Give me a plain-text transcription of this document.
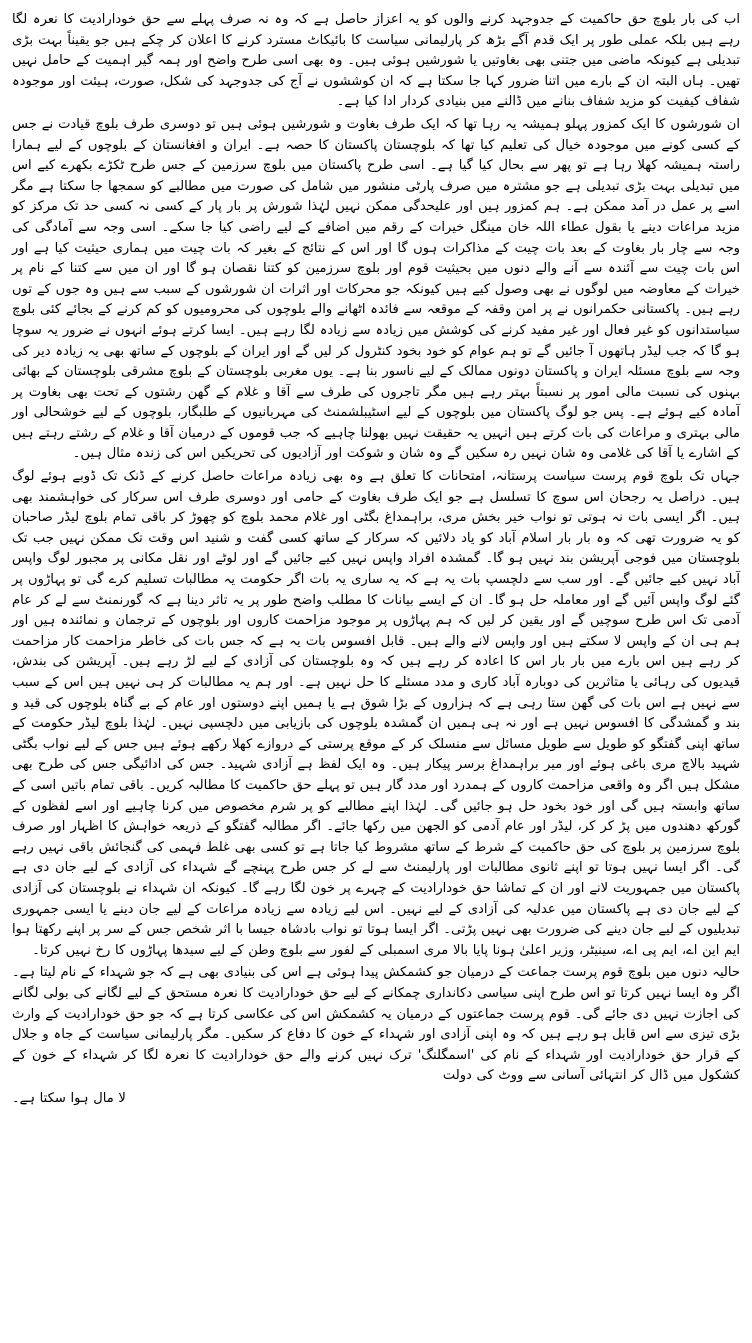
اب کی بار بلوچ حق حاکمیت کے جدوجہد کرنے والوں کو یہ اعزاز حاصل ہے کہ وہ نہ صرف پہلے سے حق خودارادیت کا نعرہ لگا رہے ہیں بلکہ عملی طور پر ایک قدم آگے بڑھ کر پارلیمانی سیاست کا بائیکاٹ مسترد کرنے کا اعلان کر چکے ہیں جو یقیناً بہت بڑی تبدیلی ہے کیونکہ ماضی میں جتنی بھی بغاوتیں یا شورشیں ہوئی ہیں۔ وہ بھی اسی طرح واضح اور ہمہ گیر اہمیت کے حامل نہیں تھیں۔ ہاں البتہ ان کے بارے میں اتنا ضرور کہا جا سکتا ہے کہ ان کوششوں نے آج کی جدوجہد کی شکل، صورت، ہیئت اور موجودہ شفاف کیفیت کو مزید شفاف بنانے میں ڈالنے میں بنیادی کردار ادا کیا ہے۔

ان شورشوں کا ایک کمزور پہلو ہمیشہ یہ رہا تھا کہ ایک طرف بغاوت و شورشیں ہوئی ہیں تو دوسری طرف بلوچ قیادت نے جس کے کسی کونے میں موجودہ خیال کی تعلیم کیا تھا کہ بلوچستان پاکستان کا حصہ ہے۔ ایران و افغانستان کے بلوچوں کے لیے ہمارا راستہ ہمیشہ کھلا رہا ہے تو پھر سے بحال کیا گیا ہے۔ اسی طرح پاکستان میں بلوچ سرزمین کے جس طرح ٹکڑے بکھرے کیے اس میں تبدیلی بہت بڑی تبدیلی ہے جو مشترہ میں صرف پارٹی منشور میں شامل کی صورت میں مطالبے کو سمجھا جا سکتا ہے مگر اسے پر عمل در آمد ممکن ہے۔ ہم کمزور ہیں اور علیحدگی ممکن نہیں لہٰذا شورش پر بار پار کے کسی نہ کسی حد تک مرکز کو مزید مراعات دینے یا بقول عطاء اللہ خان مینگل خیرات کے رقم میں اضافے کے لیے راضی کیا جا سکے۔ اسی وجہ سے آمادگی کی وجہ سے چار بار بغاوت کے بعد بات چیت کے مذاکرات ہوں گا اور اس کے نتائج کے بغیر کہ بات چیت میں ہماری حیثیت کیا ہے اور اس بات چیت سے آئندہ سے آنے والے دنوں میں بحیثیت قوم اور بلوچ سرزمین کو کتنا نقصان ہو گا اور ان میں سے کتنا کے نام پر خیرات کے معاوضہ میں لوگوں نے بھی وصول کیے ہیں کیونکہ جو محرکات اور اثرات ان شورشوں کے سبب سے ہیں وہ جوں کے توں رہے ہیں۔ پاکستانی حکمرانوں نے پر امن وقفہ کے موقعہ سے فائدہ اٹھانے والے بلوچوں کی محرومیوں کو کم کرنے کے بجائے کئی بلوچ سیاستدانوں کو غیر فعال اور غیر مفید کرنے کی کوشش میں زیادہ سے زیادہ لگا رہے ہیں۔ ایسا کرتے ہوئے انہوں نے ضرور یہ سوچا ہو گا کہ جب لیڈر ہاتھوں آ جائیں گے تو ہم عوام کو خود بخود کنٹرول کر لیں گے اور ایران کے بلوچوں کے ساتھ بھی یہ زیادہ دیر کی وجہ سے بلوچ مسئلہ ایران و پاکستان دونوں ممالک کے لیے ناسور بنا ہے۔ یوں مغربی بلوچستان کے بلوچ مشرقی بلوچستان کے بھائی بہنوں کی نسبت مالی امور پر نسبتاً بہتر رہے ہیں مگر تاجروں کی طرف سے آقا و غلام کے گھن رشتوں کے تحت بھی بغاوت پر آمادہ کیے ہوئے ہے۔ پس جو لوگ پاکستان میں بلوچوں کے لیے اسٹیبلشمنٹ کی مہربانیوں کے طلبگار، بلوچوں کے لیے خوشحالی اور مالی بہتری و مراعات کی بات کرتے ہیں انہیں یہ حقیقت نہیں بھولنا چاہیے کہ جب قوموں کے درمیان آقا و غلام کے رشتے رہتے ہیں کے اشارے یا آقا کی غلامی وہ شان نہیں رہ سکیں گے وہ شان و شوکت اور آزادیوں کی تحریکیں اس کی زندہ مثال ہیں۔

جہاں تک بلوچ قوم پرست سیاست پرستانہ، امتحانات کا تعلق ہے وہ بھی زیادہ مراعات حاصل کرنے کے ڈنک تک ڈوبے ہوئے لوگ ہیں۔ دراصل یہ رجحان اس سوچ کا تسلسل ہے جو ایک طرف بغاوت کے حامی اور دوسری طرف اس سرکار کی خواہشمند بھی ہیں۔ اگر ایسی بات نہ ہوتی تو نواب خیر بخش مری، براہمداغ بگٹی اور غلام محمد بلوچ کو چھوڑ کر باقی تمام بلوچ لیڈر صاحبان کو یہ ضرورت تھی کہ وہ بار بار اسلام آباد کو یاد دلائیں کہ سرکار کے ساتھ کسی گفت و شنید اس وقت تک ممکن نہیں جب تک بلوچستان میں فوجی آپریشن بند نہیں ہو گا۔ گمشدہ افراد واپس نہیں کیے جائیں گے اور لوٹے اور نقل مکانی پر مجبور لوگ واپس آباد نہیں کیے جائیں گے۔ اور سب سے دلچسپ بات یہ ہے کہ یہ ساری یہ بات اگر حکومت یہ مطالبات تسلیم کرے گی تو پہاڑوں پر گئے لوگ واپس آئیں گے اور معاملہ حل ہو گا۔ ان کے ایسے بیانات کا مطلب واضح طور پر یہ تاثر دینا ہے کہ گورنمنٹ سے لے کر عام آدمی تک اس طرح سوچیں گے اور یقین کر لیں کہ ہم پہاڑوں پر موجود مزاحمت کاروں اور بلوچوں کے ترجمان و نمائندہ ہیں اور ہم ہی ان کے واپس لا سکتے ہیں اور واپس لانے والے ہیں۔ قابل افسوس بات یہ ہے کہ جس بات کی خاطر مزاحمت کار مزاحمت کر رہے ہیں اس بارے میں بار بار اس کا اعادہ کر رہے ہیں کہ وہ بلوچستان کی آزادی کے لیے لڑ رہے ہیں۔ آپریشن کی بندش، قیدیوں کی رہائی یا متاثرین کی دوبارہ آباد کاری و مدد مسئلے کا حل نہیں ہے۔ اور ہم یہ مطالبات کر ہی نہیں ہیں اس کے سبب سے نہیں ہے اس بات کی گھن ستا رہی ہے کہ ہزاروں کے بڑا شوق ہے یا ہمیں اپنے دوستوں اور عام کے بے گناہ بلوچوں کی قید و بند و گمشدگی کا افسوس نہیں ہے اور نہ ہی ہمیں ان گمشدہ بلوچوں کی بازیابی میں دلچسپی نہیں۔ لہٰذا بلوچ لیڈر حکومت کے ساتھ اپنی گفتگو کو طویل سے طویل مسائل سے منسلک کر کے موقع پرستی کے دروازے کھلا رکھے ہوئے ہیں جس کے لیے نواب بگٹی شہید بالاچ مری باغی ہوئے اور میر براہمداغ برسر پیکار ہیں۔ وہ ایک لفظ ہے آزادی شہید۔ جس کی ادائیگی جس کی طرح بھی مشکل ہیں اگر وہ واقعی مزاحمت کاروں کے ہمدرد اور مدد گار ہیں تو پہلے حق حاکمیت کا مطالبہ کریں۔ باقی تمام باتیں اسی کے ساتھ وابستہ ہیں گی اور خود بخود حل ہو جائیں گی۔ لہٰذا اپنے مطالبے کو پر شرم مخصوص میں کرنا چاہیے اور اسے لفظوں کے گورکھ دھندوں میں پڑ کر کر، لیڈر اور عام آدمی کو الجھن میں رکھا جائے۔ اگر مطالبہ گفتگو کے ذریعہ خواہش کا اظہار اور صرف بلوچ سرزمین پر بلوچ کی حق حاکمیت کے شرط کے ساتھ مشروط کیا جاتا ہے تو کسی بھی غلط فہمی کی گنجائش باقی نہیں رہے گی۔ اگر ایسا نہیں ہوتا تو اپنے ثانوی مطالبات اور پارلیمنٹ سے لے کر جس طرح پہنچے گے شہداء کی آزادی کے لیے جان دی ہے پاکستان میں جمہوریت لانے اور ان کے تماشا حق خودارادیت کے چہرے پر خون لگا رہے گا۔ کیونکہ ان شہداء نے بلوچستان کی آزادی کے لیے جان دی ہے پاکستان میں عدلیہ کی آزادی کے لیے نہیں۔ اس لیے زیادہ سے زیادہ مراعات کے لیے جان دینے یا ایسی جمہوری تبدیلیوں کے لیے جان دینے کی ضرورت بھی نہیں پڑتی۔ اگر ایسا ہوتا تو نواب بادشاہ جیسا با اثر شخص جس کے سر پر اپنے رکھتا ہوا ایم این اے، ایم پی اے، سینیٹر، وزیر اعلیٰ ہونا پایا بالا مری اسمبلی کے لفور سے بلوچ وطن کے لیے سیدھا پہاڑوں کا رخ نہیں کرتا۔

حالیہ دنوں میں بلوچ قوم پرست جماعت کے درمیان جو کشمکش پیدا ہوئی ہے اس کی بنیادی بھی ہے کہ جو شہداء کے نام لیتا ہے۔ اگر وہ ایسا نہیں کرتا تو اس طرح اپنی سیاسی دکانداری چمکانے کے لیے حق خودارادیت کا نعرہ مستحق کے لیے لگانے کی بولی لگانے کی اجازت نہیں دی جائے گی۔ قوم پرست جماعتوں کے درمیان یہ کشمکش اس کی عکاسی کرتا ہے کہ جو حق خودارادیت کے وارث بڑی تیزی سے اس قابل ہو رہے ہیں کہ وہ اپنی آزادی اور شہداء کے خون کا دفاع کر سکیں۔ مگر پارلیمانی سیاست کے جاہ و جلال کے قرار حق خودارادیت اور شہداء کے نام کی 'اسمگلنگ' ترک نہیں کرنے والے حق خودارادیت کا نعرہ لگا کر شہداء کے خون کے کشکول میں ڈال کر انتہائی آسانی سے ووٹ کی دولت

لا مال ہوا سکتا ہے۔
